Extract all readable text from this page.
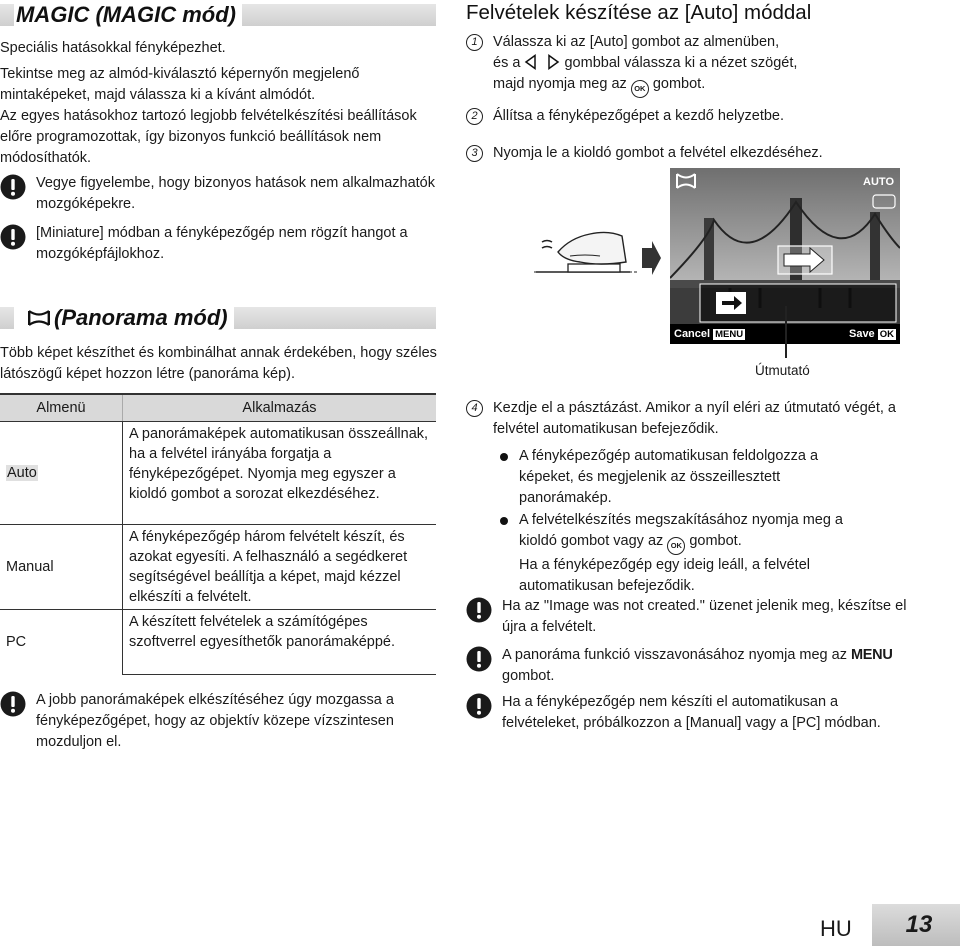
MAGIC (MAGIC mód)

Speciális hatásokkal fényképezhet.

Tekintse meg az almód-kiválasztó képernyőn megjelenő mintaképeket, majd válassza ki a kívánt almódót.

Az egyes hatásokhoz tartozó legjobb felvételkészítési beállítások előre programozottak, így bizonyos funkció beállítások nem módosíthatók.

Vegye figyelembe, hogy bizonyos hatások nem alkalmazhatók mozgóképekre.
[Miniature] módban a fényképezőgép nem rögzít hangot a mozgóképfájlokhoz.
(Panorama mód)

Több képet készíthet és kombinálhat annak érdekében, hogy széles látószögű képet hozzon létre (panoráma kép).

Almenü	Alkalmazás
Auto	A panorámaképek automatikusan összeállnak, ha a felvétel irányába forgatja a fényképezőgépet. Nyomja meg egyszer a kioldó gombot a sorozat elkezdéséhez.
Manual	A fényképezőgép három felvételt készít, és azokat egyesíti. A felhasználó a segédkeret segítségével beállítja a képet, majd kézzel elkészíti a felvételt.
PC	A készített felvételek a számítógépes szoftverrel egyesíthetők panorámaképpé.
A jobb panorámaképek elkészítéséhez úgy mozgassa a fényképezőgépet, hogy az objektív közepe vízszintesen mozduljon el.
Felvételek készítése az [Auto] móddal
1	Válassza ki az [Auto] gombot az almenüben,
és a	gombbal válassza ki a nézet szögét,
majd nyomja meg az OK gombot.
2	Állítsa a fényképezőgépet a kezdő helyzetbe.
3	Nyomja le a kioldó gombot a felvétel elkezdéséhez.
AUTO
Cancel MENU	Save OK
Útmutató
4	Kezdje el a pásztázást. Amikor a nyíl eléri az útmutató végét, a felvétel automatikusan befejeződik.
A fényképezőgép automatikusan feldolgozza a képeket, és megjelenik az összeillesztett panorámakép.
A felvételkészítés megszakításához nyomja meg a kioldó gombot vagy az OK gombot.
Ha a fényképezőgép egy ideig leáll, a felvétel automatikusan befejeződik.
Ha az "Image was not created." üzenet jelenik meg, készítse el újra a felvételt.
A panoráma funkció visszavonásához nyomja meg az MENU gombot.
Ha a fényképezőgép nem készíti el automatikusan a felvételeket, próbálkozzon a [Manual] vagy a [PC] módban.
HU	13
